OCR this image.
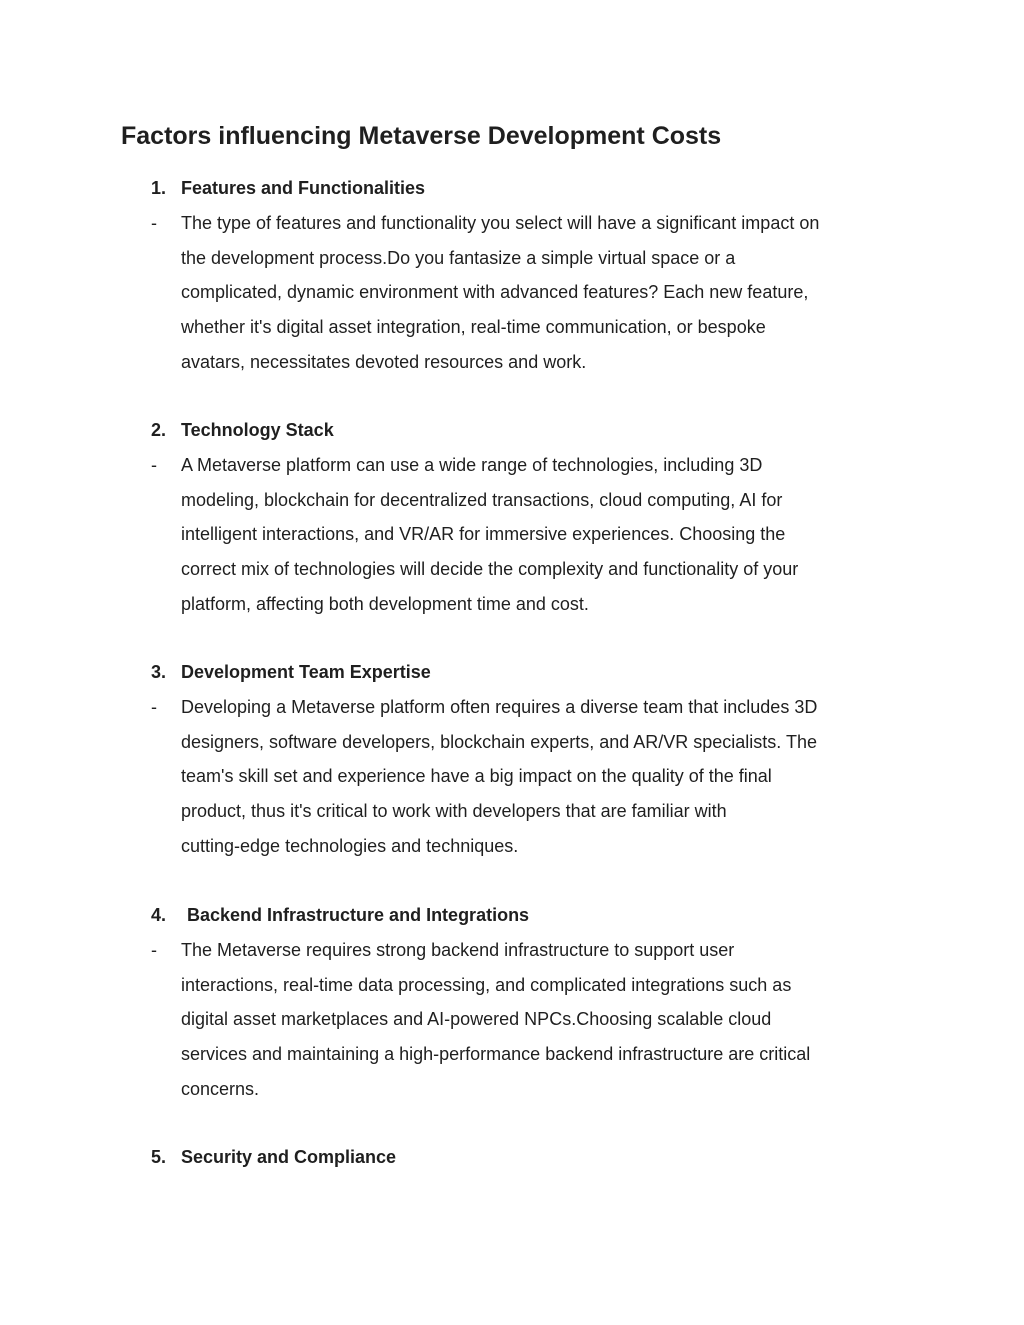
Factors influencing Metaverse Development Costs
1. Features and Functionalities
- The type of features and functionality you select will have a significant impact on
the development process.Do you fantasize a simple virtual space or a
complicated, dynamic environment with advanced features? Each new feature,
whether it's digital asset integration, real-time communication, or bespoke
avatars, necessitates devoted resources and work.
2. Technology Stack
- A Metaverse platform can use a wide range of technologies, including 3D
modeling, blockchain for decentralized transactions, cloud computing, AI for
intelligent interactions, and VR/AR for immersive experiences. Choosing the
correct mix of technologies will decide the complexity and functionality of your
platform, affecting both development time and cost.
3. Development Team Expertise
- Developing a Metaverse platform often requires a diverse team that includes 3D
designers, software developers, blockchain experts, and AR/VR specialists. The
team's skill set and experience have a big impact on the quality of the final
product, thus it's critical to work with developers that are familiar with
cutting-edge technologies and techniques.
4. Backend Infrastructure and Integrations
- The Metaverse requires strong backend infrastructure to support user
interactions, real-time data processing, and complicated integrations such as
digital asset marketplaces and AI-powered NPCs.Choosing scalable cloud
services and maintaining a high-performance backend infrastructure are critical
concerns.
5. Security and Compliance
